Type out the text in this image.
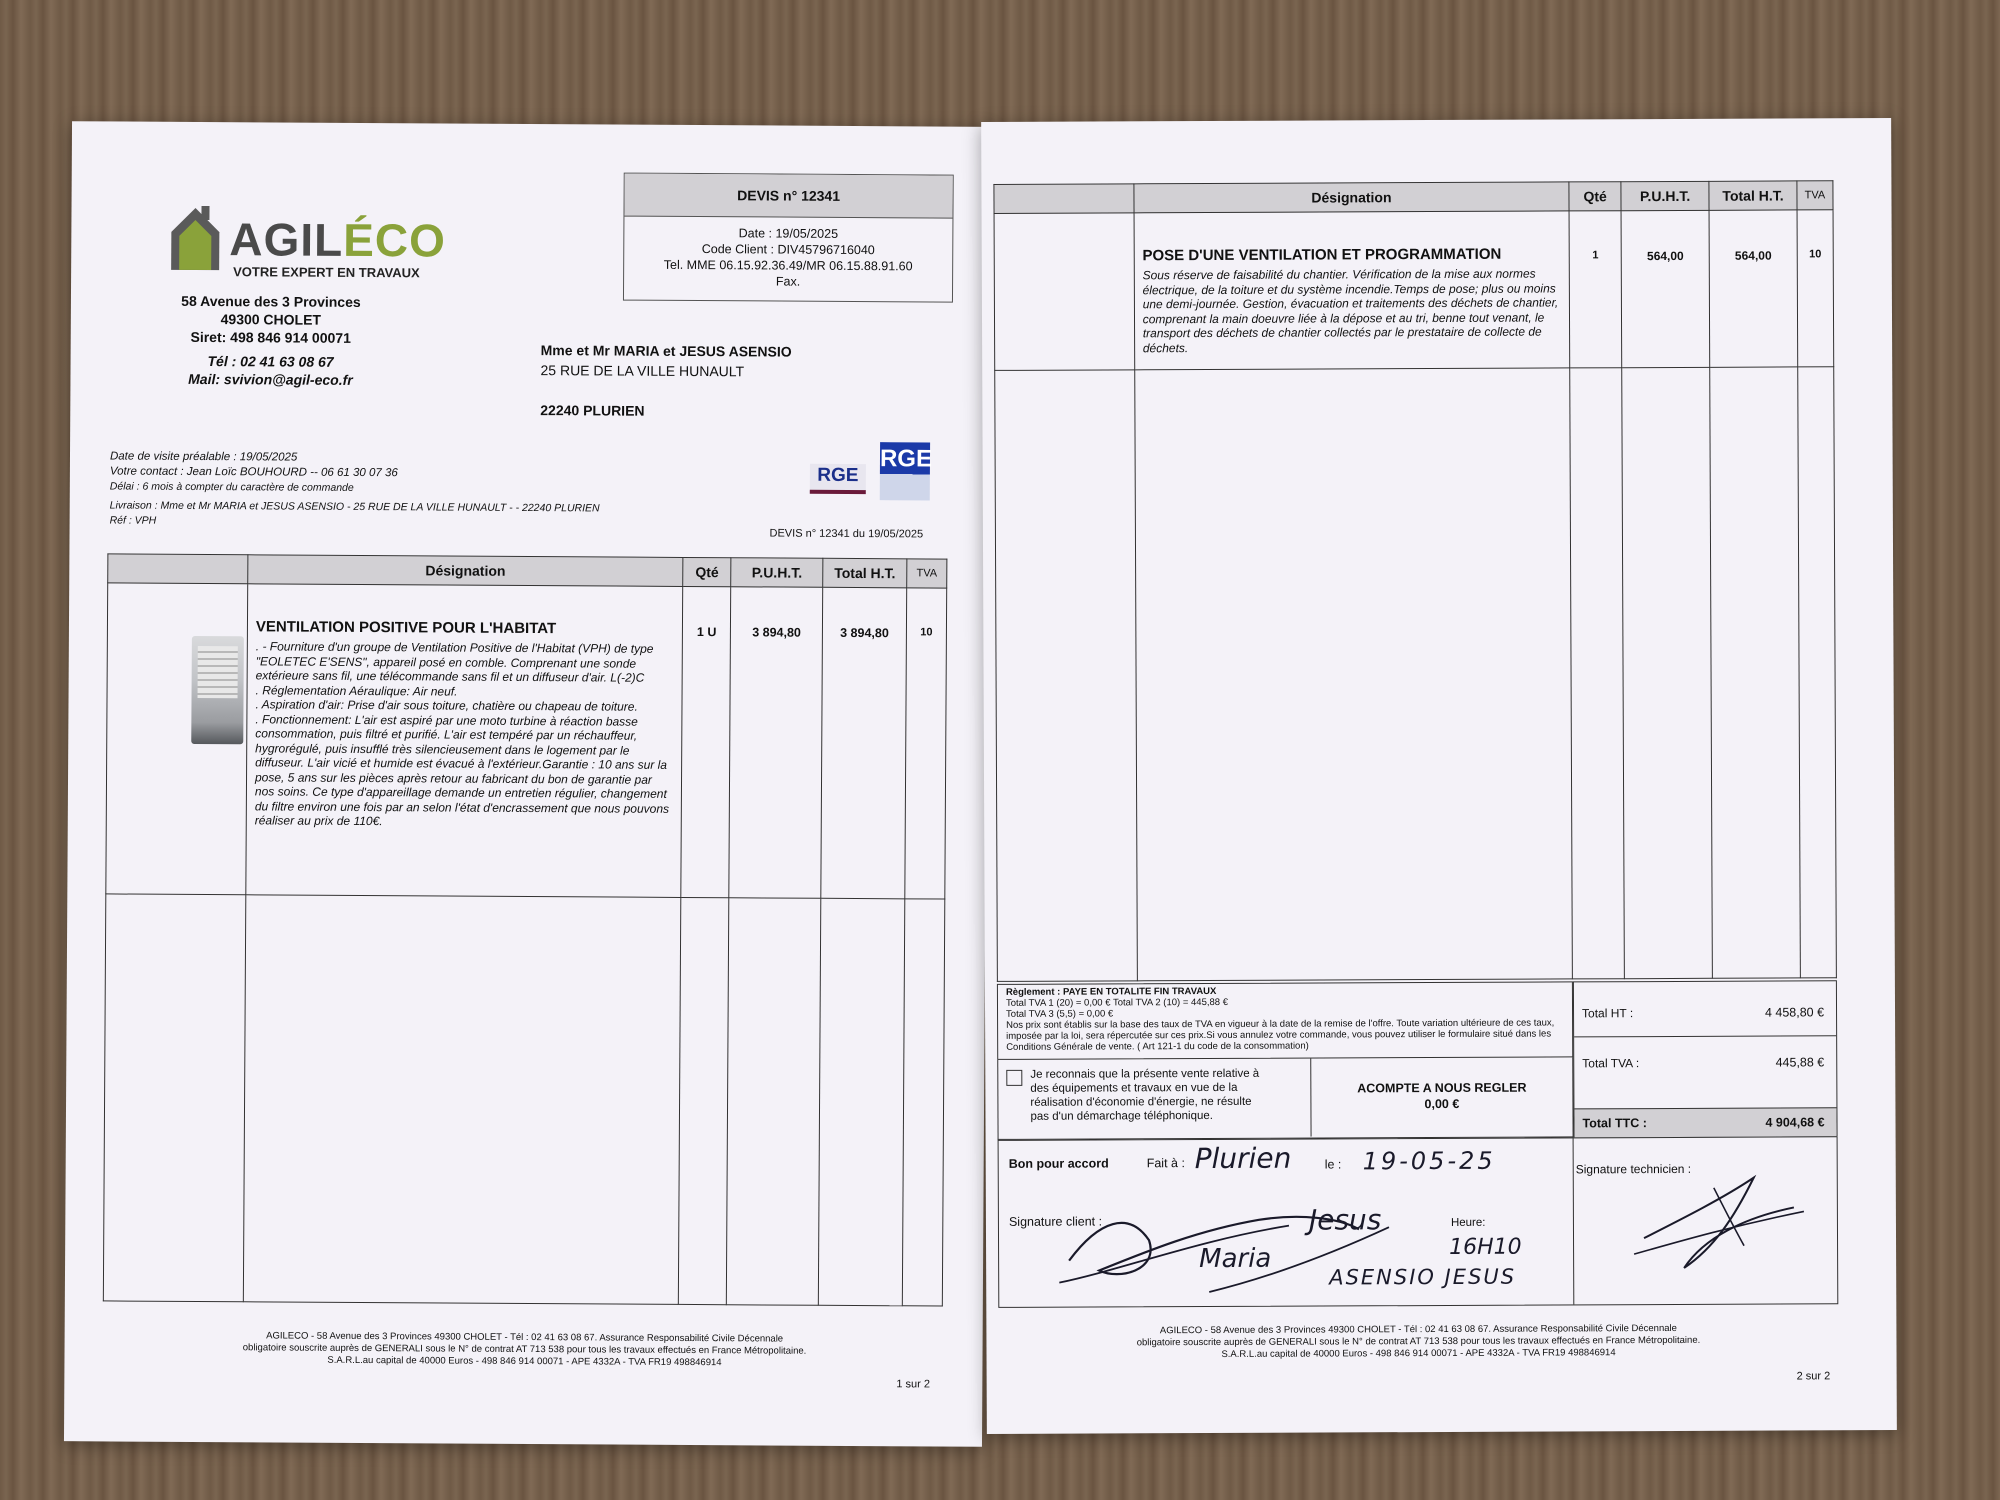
AGILÉCO
VOTRE EXPERT EN TRAVAUX
58 Avenue des 3 Provinces
49300 CHOLET
Siret: 498 846 914 00071
Tél : 02 41 63 08 67
Mail: svivion@agil-eco.fr
DEVIS n° 12341
Date : 19/05/2025
Code Client : DIV45796716040
Tel. MME 06.15.92.36.49/MR 06.15.88.91.60
Fax.
Mme et Mr MARIA et JESUS ASENSIO
25 RUE DE LA VILLE HUNAULT
22240 PLURIEN
Date de visite préalable : 19/05/2025
Votre contact : Jean Loïc BOUHOURD -- 06 61 30 07 36
Délai : 6 mois à compter du caractère de commande
Livraison : Mme et Mr MARIA et JESUS ASENSIO - 25 RUE DE LA VILLE HUNAULT - - 22240 PLURIEN
Réf : VPH
RGE
RGE
DEVIS n° 12341 du 19/05/2025
	Désignation	Qté	P.U.H.T.	Total H.T.	TVA

	VENTILATION POSITIVE POUR L'HABITAT
. - Fourniture d'un groupe de Ventilation Positive de l'Habitat (VPH) de type "EOLETEC E'SENS", appareil posé en comble. Comprenant une sonde extérieure sans fil, une télécommande sans fil et un diffuseur d'air. L(-2)C
. Réglementation Aéraulique: Air neuf.
. Aspiration d'air: Prise d'air sous toiture, chatière ou chapeau de toiture.
. Fonctionnement: L'air est aspiré par une moto turbine à réaction basse consommation, puis filtré et purifié. L'air est tempéré par un réchauffeur, hygrorégulé, puis insufflé très silencieusement dans le logement par le diffuseur. L'air vicié et humide est évacué à l'extérieur.Garantie : 10 ans sur la pose, 5 ans sur les pièces après retour au fabricant du bon de garantie par nos soins. Ce type d'appareillage demande un entretien régulier, changement du filtre environ une fois par an selon l'état d'encrassement que nous pouvons réaliser au prix de 110€.	1 U	3 894,80	3 894,80	10

AGILECO - 58 Avenue des 3 Provinces 49300 CHOLET - Tél : 02 41 63 08 67. Assurance Responsabilité Civile Décennale
obligatoire souscrite auprès de GENERALI sous le N° de contrat AT 713 538 pour tous les travaux effectués en France Métropolitaine.
S.A.R.L.au capital de 40000 Euros - 498 846 914 00071 - APE 4332A - TVA FR19 498846914
1 sur 2
	Désignation	Qté	P.U.H.T.	Total H.T.	TVA

	POSE D'UNE VENTILATION ET PROGRAMMATION
Sous réserve de faisabilité du chantier. Vérification de la mise aux normes électrique, de la toiture et du système incendie.Temps de pose; plus ou moins une demi-journée. Gestion, évacuation et traitements des déchets de chantier, comprenant la main doeuvre liée à la dépose et au tri, benne tout venant, le transport des déchets de chantier collectés par le prestataire de collecte de déchets.	1	564,00	564,00	10

Règlement : PAYE EN TOTALITE FIN TRAVAUX
Total TVA 1 (20) = 0,00 € Total TVA 2 (10) = 445,88 €
Total TVA 3 (5,5) = 0,00 €
Nos prix sont établis sur la base des taux de TVA en vigueur à la date de la remise de l'offre. Toute variation ultérieure de ces taux, imposée par la loi, sera répercutée sur ces prix.Si vous annulez votre commande, vous pouvez utiliser le formulaire situé dans les Conditions Générale de vente. ( Art 121-1 du code de la consommation)
Je reconnais que la présente vente relative à des équipements et travaux en vue de la réalisation d'économie d'énergie, ne résulte pas d'un démarchage téléphonique.
ACOMPTE A NOUS REGLER
0,00 €
Total HT :	4 458,80 €
Total TVA :	445,88 €
Total TTC :	4 904,68 €
Bon pour accord	Fait à : Plurien	le : 19-05-25
Signature client :	Heure:
16H10
Maria
Jesus
ASENSIO JESUS
Signature technicien :
AGILECO - 58 Avenue des 3 Provinces 49300 CHOLET - Tél : 02 41 63 08 67. Assurance Responsabilité Civile Décennale
obligatoire souscrite auprès de GENERALI sous le N° de contrat AT 713 538 pour tous les travaux effectués en France Métropolitaine.
S.A.R.L.au capital de 40000 Euros - 498 846 914 00071 - APE 4332A - TVA FR19 498846914
2 sur 2
